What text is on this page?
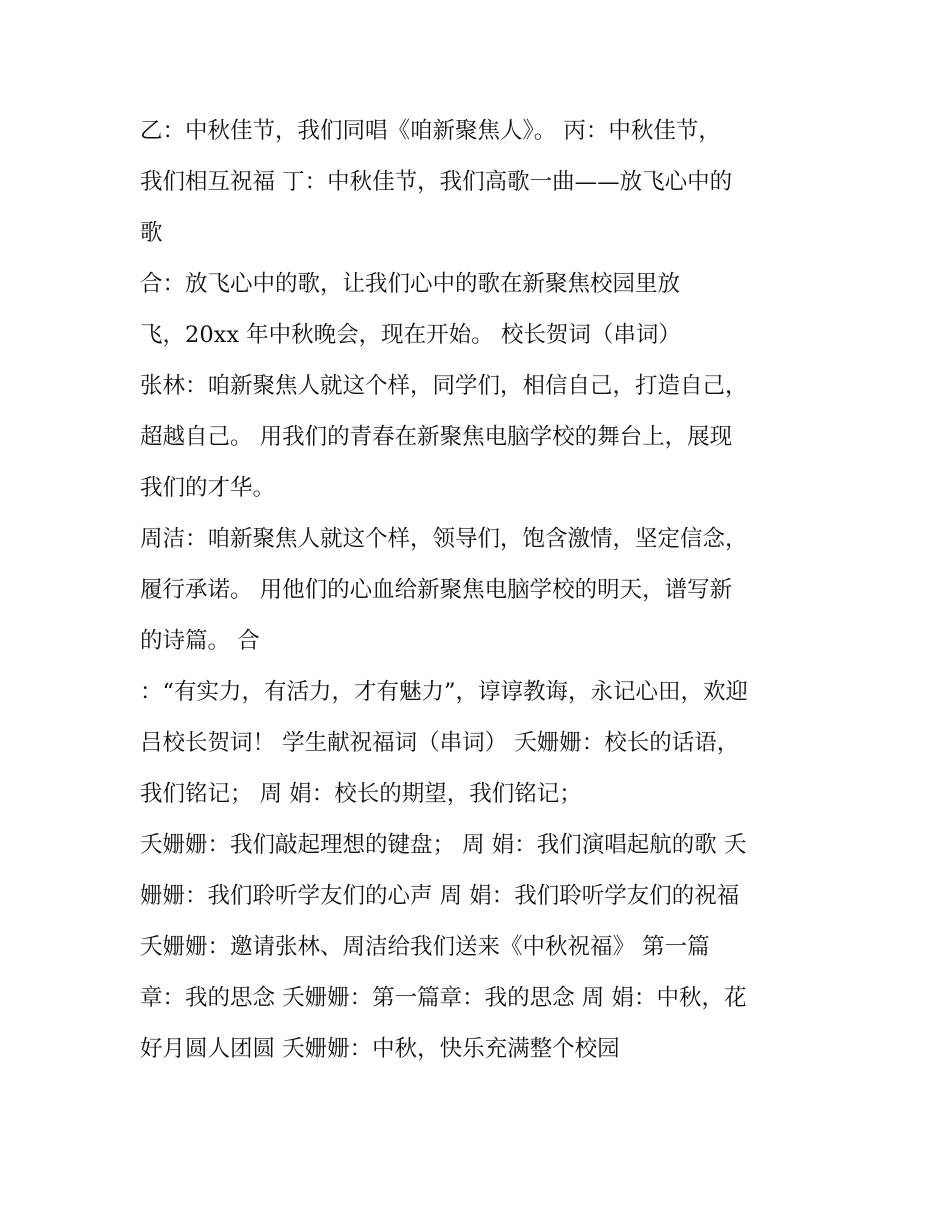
乙：中秋佳节，我们同唱《咱新聚焦人》。 丙：中秋佳节，
我们相互祝福 丁：中秋佳节，我们高歌一曲——放飞心中的
歌
合：放飞心中的歌，让我们心中的歌在新聚焦校园里放
飞，20xx 年中秋晚会，现在开始。 校长贺词（串词）
张林：咱新聚焦人就这个样，同学们，相信自己，打造自己，
超越自己。 用我们的青春在新聚焦电脑学校的舞台上，展现
我们的才华。
周洁：咱新聚焦人就这个样，领导们，饱含激情，坚定信念，
履行承诺。 用他们的心血给新聚焦电脑学校的明天，谱写新
的诗篇。 合
：“有实力，有活力，才有魅力”，谆谆教诲，永记心田，欢迎
吕校长贺词！ 学生献祝福词（串词） 夭姗姗：校长的话语，
我们铭记； 周 娟：校长的期望，我们铭记；
夭姗姗：我们敲起理想的键盘； 周 娟：我们演唱起航的歌 夭
姗姗：我们聆听学友们的心声 周 娟：我们聆听学友们的祝福
夭姗姗：邀请张林、周洁给我们送来《中秋祝福》 第一篇
章：我的思念 夭姗姗：第一篇章：我的思念 周 娟：中秋，花
好月圆人团圆 夭姗姗：中秋，快乐充满整个校园
